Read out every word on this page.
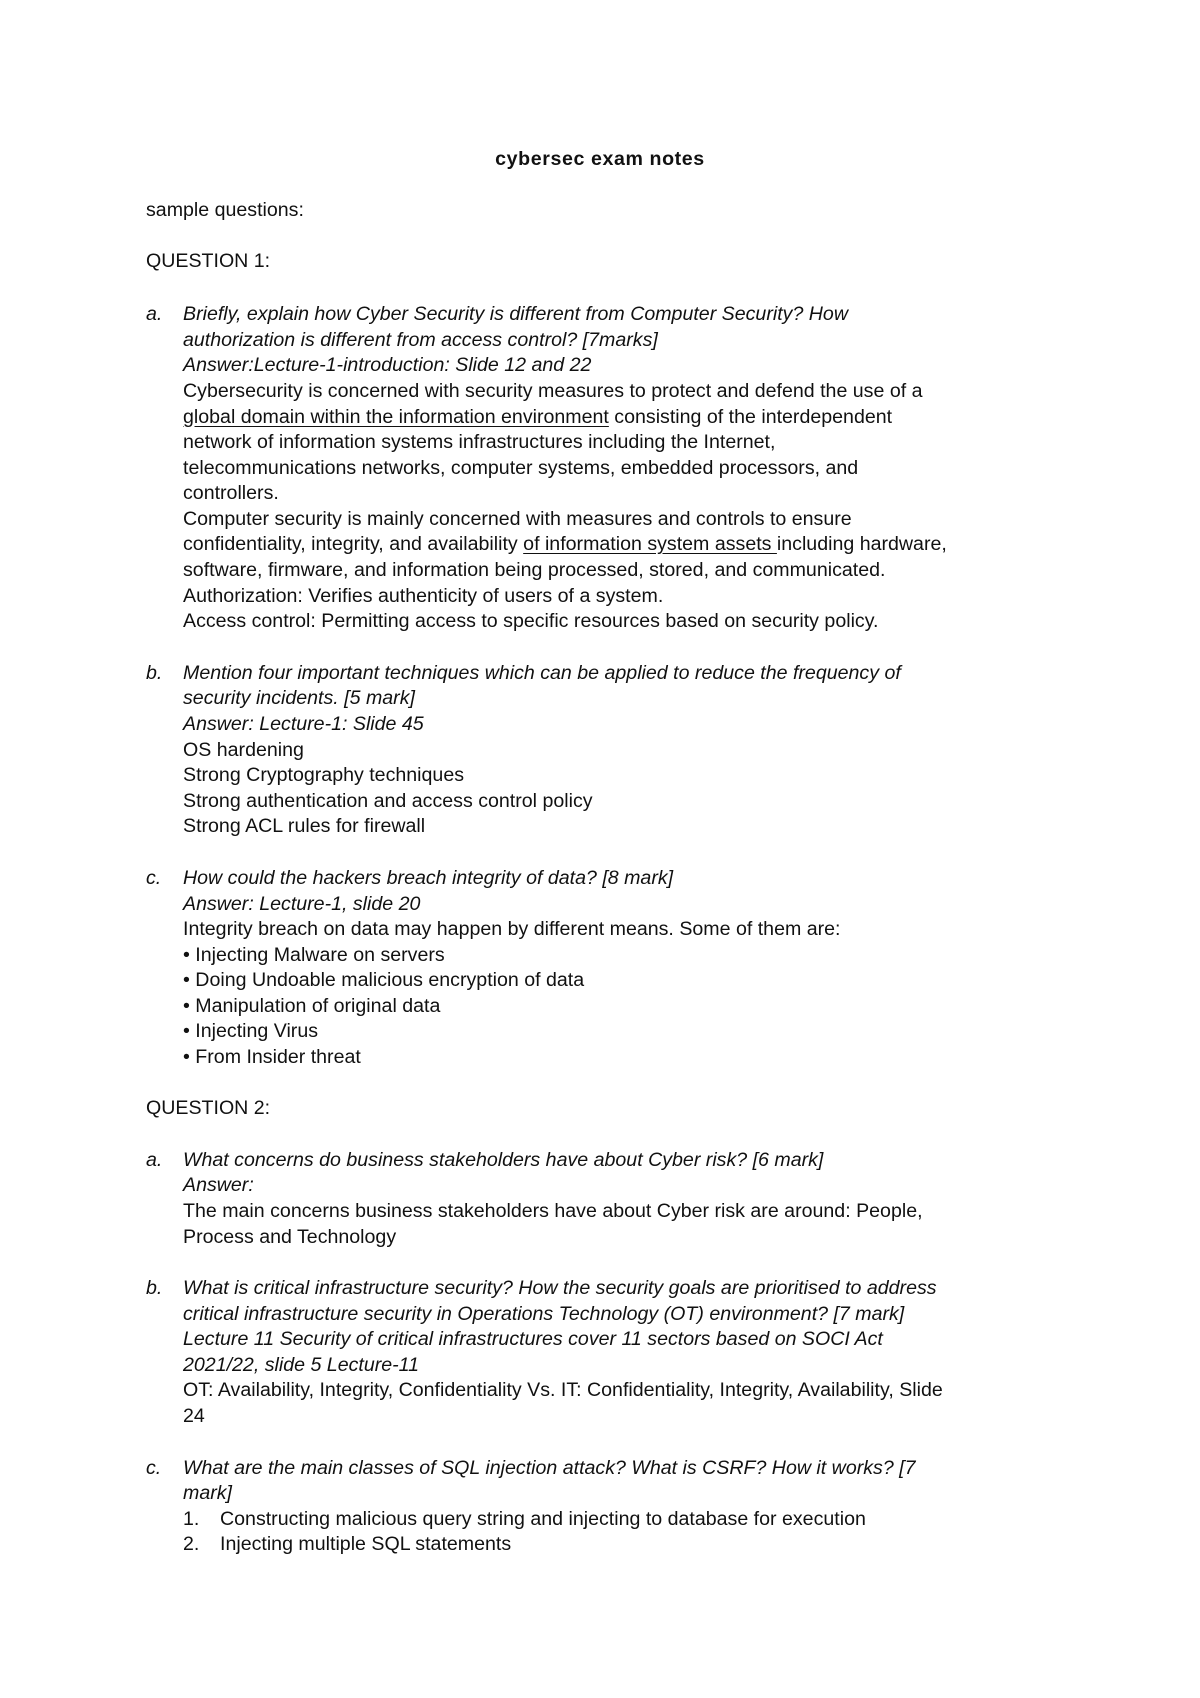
cybersec exam notes
sample questions:
QUESTION 1:
a. Briefly, explain how Cyber Security is different from Computer Security? How
authorization is different from access control? [7marks]
Answer:Lecture-1-introduction: Slide 12 and 22
Cybersecurity is concerned with security measures to protect and defend the use of a
global domain within the information environment consisting of the interdependent
network of information systems infrastructures including the Internet,
telecommunications networks, computer systems, embedded processors, and
controllers.
Computer security is mainly concerned with measures and controls to ensure
confidentiality, integrity, and availability of information system assets including hardware,
software, firmware, and information being processed, stored, and communicated.
Authorization: Verifies authenticity of users of a system.
Access control: Permitting access to specific resources based on security policy.
b. Mention four important techniques which can be applied to reduce the frequency of
security incidents. [5 mark]
Answer: Lecture-1: Slide 45
OS hardening
Strong Cryptography techniques
Strong authentication and access control policy
Strong ACL rules for firewall
c. How could the hackers breach integrity of data? [8 mark]
Answer: Lecture-1, slide 20
Integrity breach on data may happen by different means. Some of them are:
• Injecting Malware on servers
• Doing Undoable malicious encryption of data
• Manipulation of original data
• Injecting Virus
• From Insider threat
QUESTION 2:
a. What concerns do business stakeholders have about Cyber risk? [6 mark]
Answer:
The main concerns business stakeholders have about Cyber risk are around: People,
Process and Technology
b. What is critical infrastructure security? How the security goals are prioritised to address
critical infrastructure security in Operations Technology (OT) environment? [7 mark]
Lecture 11 Security of critical infrastructures cover 11 sectors based on SOCI Act
2021/22, slide 5 Lecture-11
OT: Availability, Integrity, Confidentiality Vs. IT: Confidentiality, Integrity, Availability, Slide
24
c. What are the main classes of SQL injection attack? What is CSRF? How it works? [7
mark]
1. Constructing malicious query string and injecting to database for execution
2. Injecting multiple SQL statements
